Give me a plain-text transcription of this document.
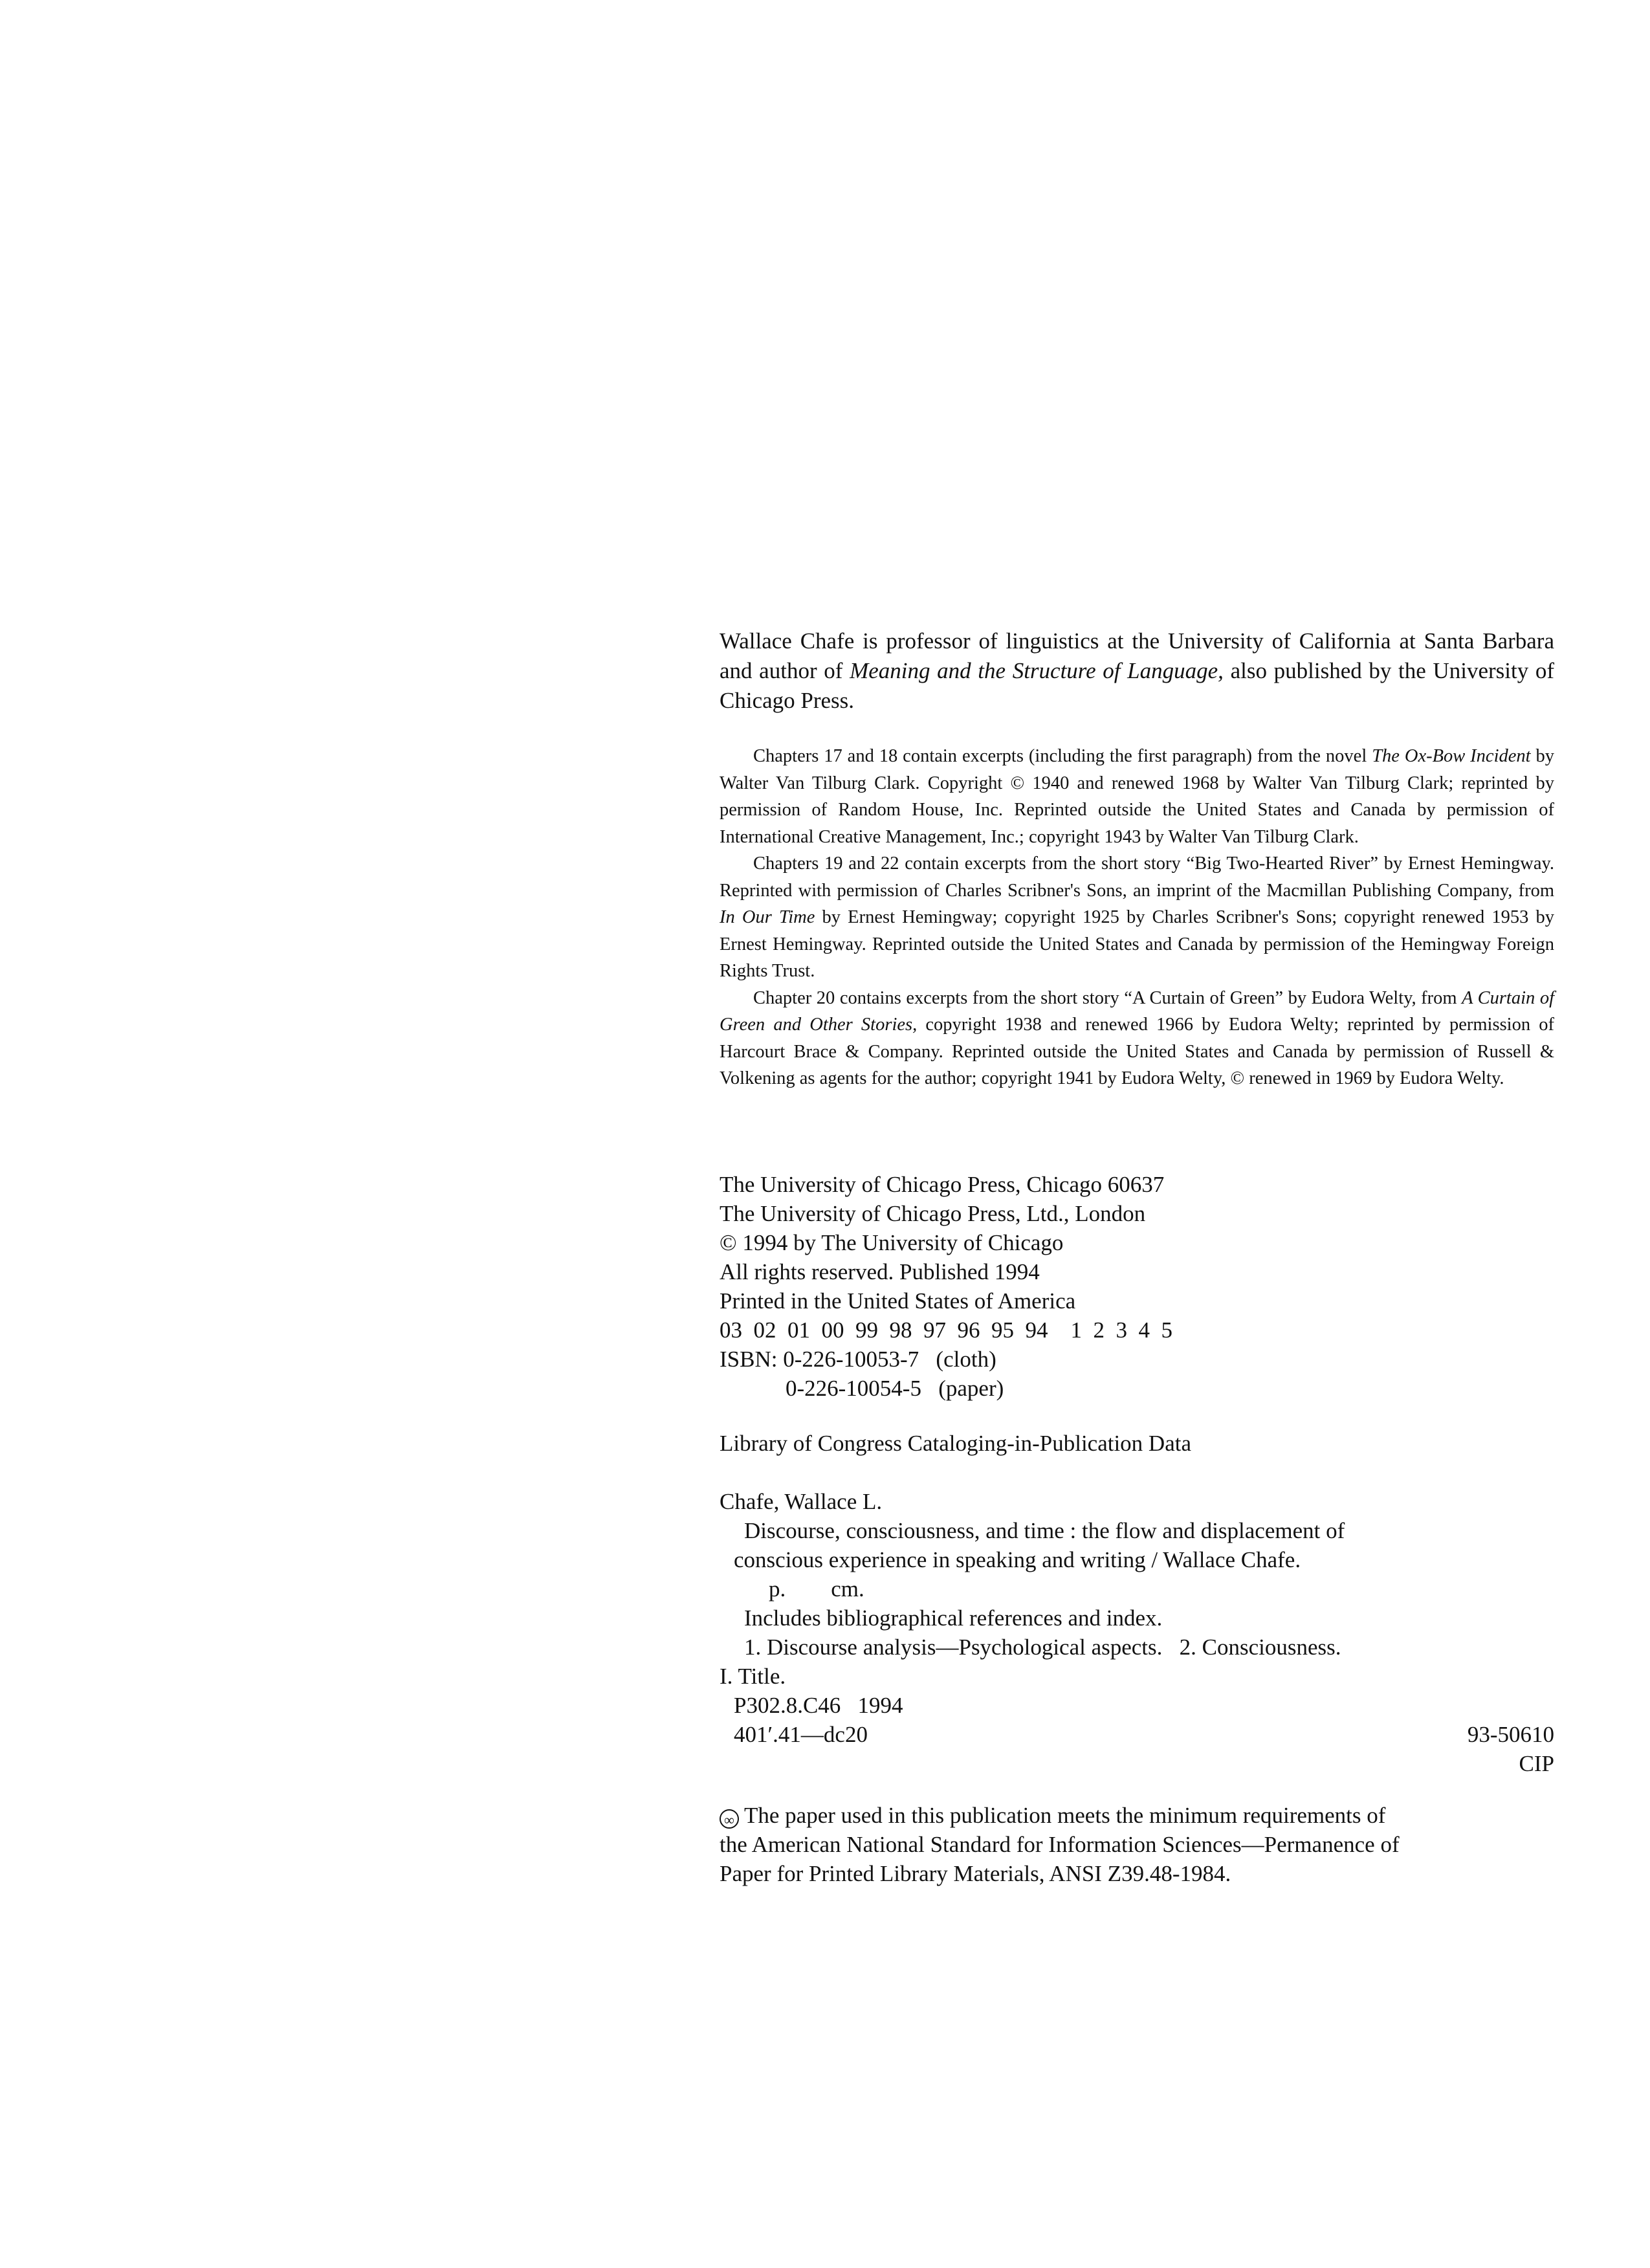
Wallace Chafe is professor of linguistics at the University of California at Santa Barbara and author of Meaning and the Structure of Language, also published by the University of Chicago Press.

Chapters 17 and 18 contain excerpts (including the first paragraph) from the novel The Ox-Bow Incident by Walter Van Tilburg Clark. Copyright © 1940 and renewed 1968 by Walter Van Tilburg Clark; reprinted by permission of Random House, Inc. Reprinted outside the United States and Canada by permission of International Creative Management, Inc.; copyright 1943 by Walter Van Tilburg Clark.

Chapters 19 and 22 contain excerpts from the short story “Big Two-Hearted River” by Ernest Hemingway. Reprinted with permission of Charles Scribner's Sons, an imprint of the Macmillan Publishing Company, from In Our Time by Ernest Hemingway; copyright 1925 by Charles Scribner's Sons; copyright renewed 1953 by Ernest Hemingway. Reprinted outside the United States and Canada by permission of the Hemingway Foreign Rights Trust.

Chapter 20 contains excerpts from the short story “A Curtain of Green” by Eudora Welty, from A Curtain of Green and Other Stories, copyright 1938 and renewed 1966 by Eudora Welty; reprinted by permission of Harcourt Brace & Company. Reprinted outside the United States and Canada by permission of Russell & Volkening as agents for the author; copyright 1941 by Eudora Welty, © renewed in 1969 by Eudora Welty.

The University of Chicago Press, Chicago 60637
The University of Chicago Press, Ltd., London
© 1994 by The University of Chicago
All rights reserved. Published 1994
Printed in the United States of America
03  02  01  00  99  98  97  96  95  94    1  2  3  4  5
ISBN: 0-226-10053-7   (cloth)
0-226-10054-5   (paper)
Library of Congress Cataloging-in-Publication Data
Chafe, Wallace L.
Discourse, consciousness, and time : the flow and displacement of
conscious experience in speaking and writing / Wallace Chafe.
p.        cm.
Includes bibliographical references and index.
1. Discourse analysis—Psychological aspects.   2. Consciousness.
I. Title.
P302.8.C46   1994
401′.41—dc20	93-50610
CIP
∞ The paper used in this publication meets the minimum requirements of
the American National Standard for Information Sciences—Permanence of
Paper for Printed Library Materials, ANSI Z39.48-1984.
